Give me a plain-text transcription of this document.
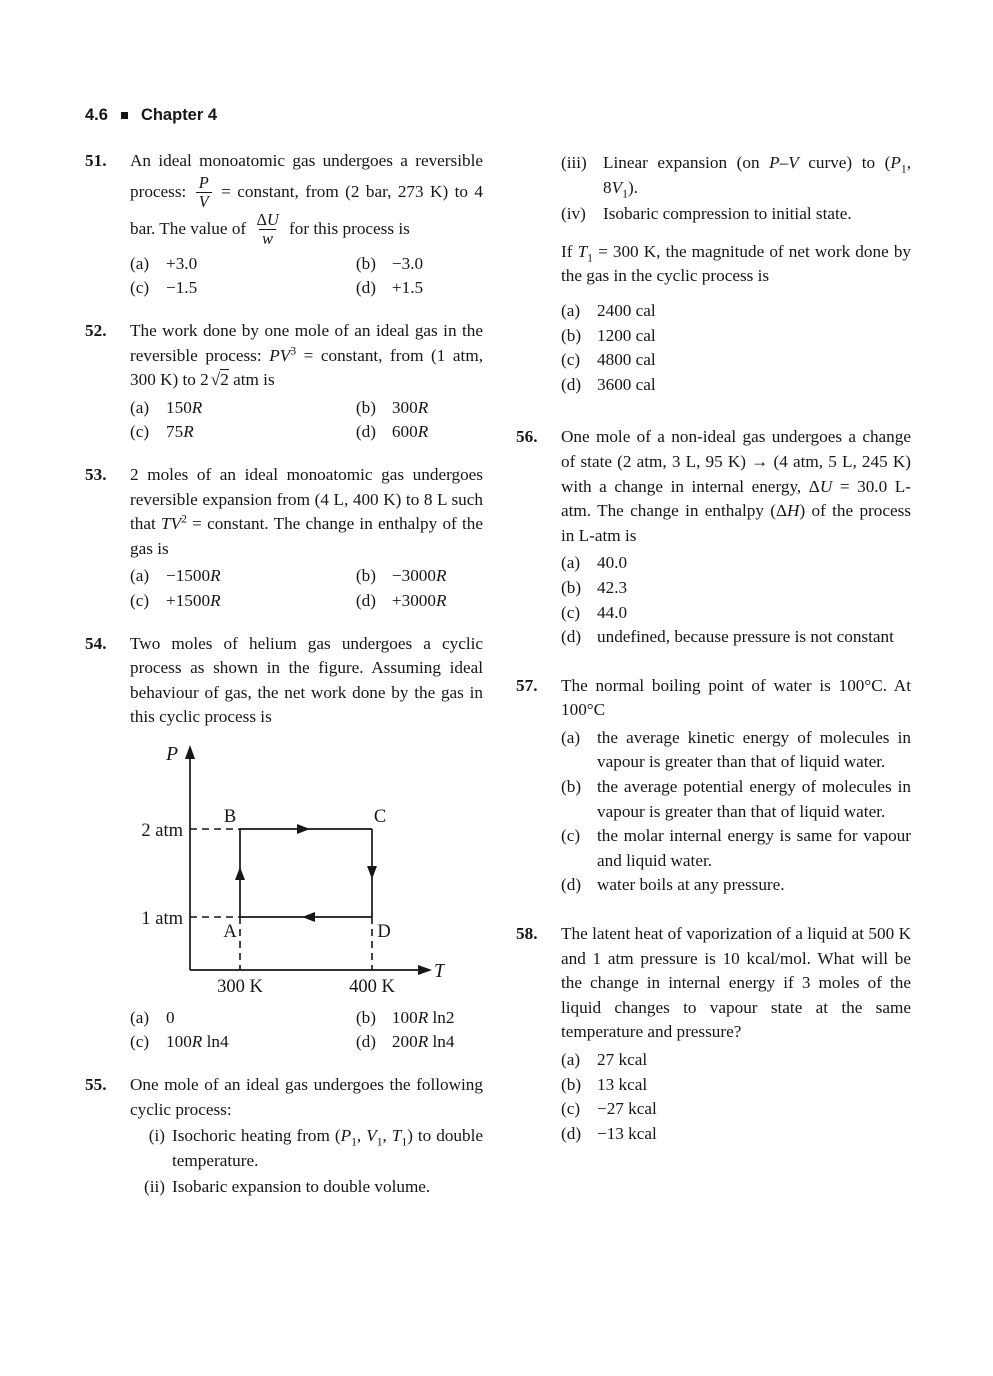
4.6 Chapter 4
51.	An ideal monoatomic gas undergoes a reversible process: $\frac{P}{V}$ = constant, from (2 bar, 273 K) to 4 bar. The value of $\frac{\Delta U}{w}$ for this process is
(a) +3.0	(b) −3.0
(c) −1.5	(d) +1.5
52.	The work done by one mole of an ideal gas in the reversible process: $PV^3$ = constant, from (1 atm, 300 K) to 2 √2 atm is
(a) 150R	(b) 300R
(c) 75R	(d) 600R
53.	2 moles of an ideal monoatomic gas undergoes reversible expansion from (4 L, 400 K) to 8 L such that $TV^2$ = constant. The change in enthalpy of the gas is
(a) −1500R	(b) −3000R
(c) +1500R	(d) +3000R
54.	Two moles of helium gas undergoes a cyclic process as shown in the figure. Assuming ideal behaviour of gas, the net work done by the gas in this cyclic process is
P
T
2 atm
1 atm
300 K	400 K
A
B	C
D
(a) 0	(b) 100R ln2
(c) 100R ln4	(d) 200R ln4
55.	One mole of an ideal gas undergoes the following cyclic process:
(i) Isochoric heating from ($P_1$, $V_1$, $T_1$) to double temperature.
(ii) Isobaric expansion to double volume.
(iii) Linear expansion (on P–V curve) to ($P_1$, $8V_1$).
(iv) Isobaric compression to initial state.
If $T_1 = 300$ K, the magnitude of net work done by the gas in the cyclic process is
(a) 2400 cal
(b) 1200 cal
(c) 4800 cal
(d) 3600 cal
56.	One mole of a non-ideal gas undergoes a change of state (2 atm, 3 L, 95 K) → (4 atm, 5 L, 245 K) with a change in internal energy, ΔU = 30.0 L-atm. The change in enthalpy (ΔH) of the process in L-atm is
(a) 40.0
(b) 42.3
(c) 44.0
(d) undefined, because pressure is not constant
57.	The normal boiling point of water is 100°C. At 100°C
(a) the average kinetic energy of molecules in vapour is greater than that of liquid water.
(b) the average potential energy of molecules in vapour is greater than that of liquid water.
(c) the molar internal energy is same for vapour and liquid water.
(d) water boils at any pressure.
58.	The latent heat of vaporization of a liquid at 500 K and 1 atm pressure is 10 kcal/mol. What will be the change in internal energy if 3 moles of the liquid changes to vapour state at the same temperature and pressure?
(a) 27 kcal
(b) 13 kcal
(c) −27 kcal
(d) −13 kcal
